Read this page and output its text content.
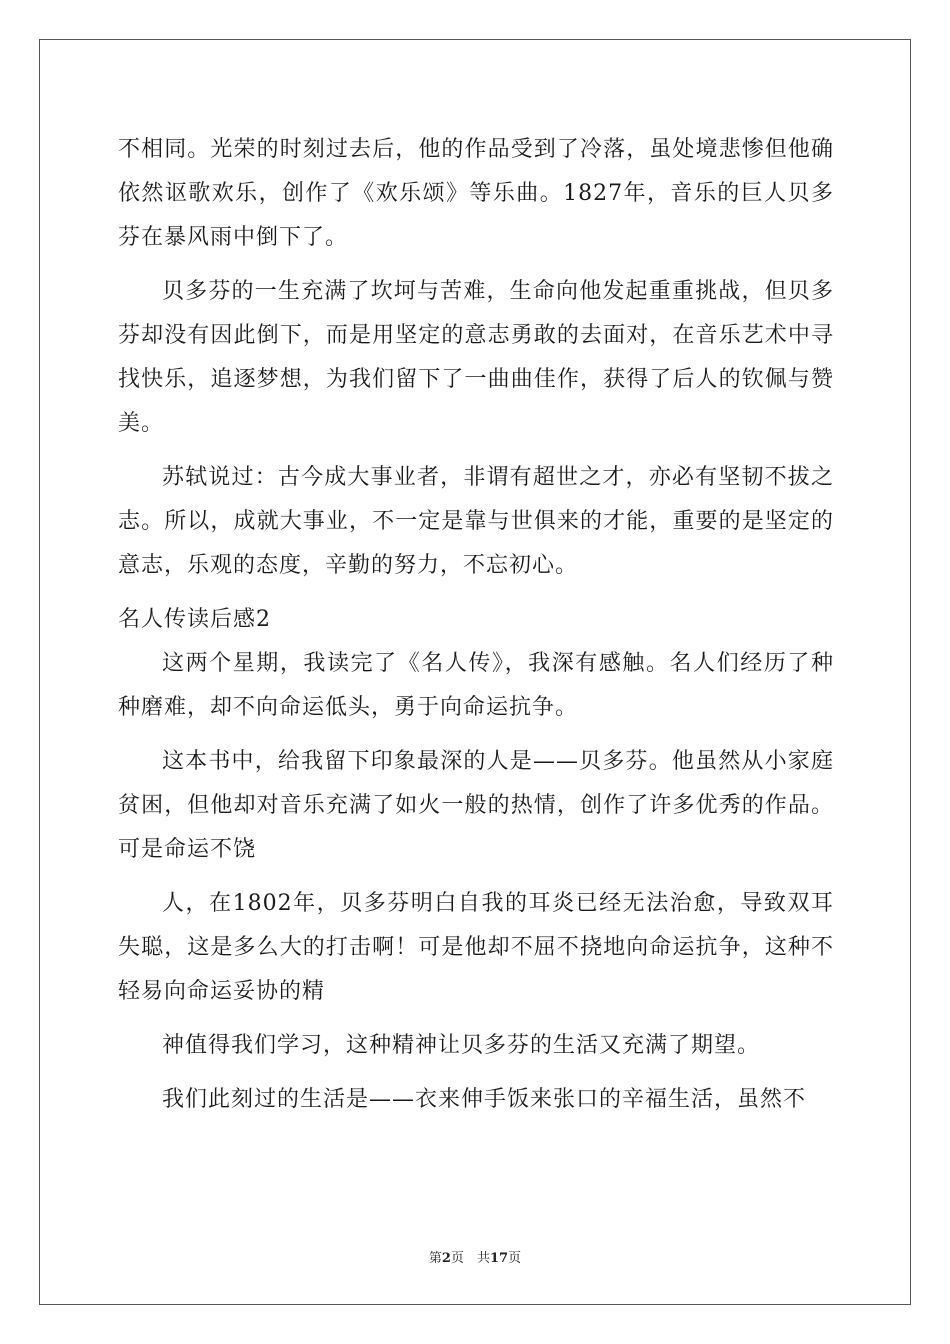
不相同。光荣的时刻过去后，他的作品受到了冷落，虽处境悲惨但他确依然讴歌欢乐，创作了《欢乐颂》等乐曲。1827年，音乐的巨人贝多芬在暴风雨中倒下了。

贝多芬的一生充满了坎坷与苦难，生命向他发起重重挑战，但贝多芬却没有因此倒下，而是用坚定的意志勇敢的去面对，在音乐艺术中寻找快乐，追逐梦想，为我们留下了一曲曲佳作，获得了后人的钦佩与赞美。

苏轼说过：古今成大事业者，非谓有超世之才，亦必有坚韧不拔之志。所以，成就大事业，不一定是靠与世俱来的才能，重要的是坚定的意志，乐观的态度，辛勤的努力，不忘初心。

名人传读后感2

这两个星期，我读完了《名人传》，我深有感触。名人们经历了种种磨难，却不向命运低头，勇于向命运抗争。

这本书中，给我留下印象最深的人是——贝多芬。他虽然从小家庭贫困，但他却对音乐充满了如火一般的热情，创作了许多优秀的作品。可是命运不饶

人，在1802年，贝多芬明白自我的耳炎已经无法治愈，导致双耳失聪，这是多么大的打击啊！可是他却不屈不挠地向命运抗争，这种不轻易向命运妥协的精

神值得我们学习，这种精神让贝多芬的生活又充满了期望。

我们此刻过的生活是——衣来伸手饭来张口的辛福生活，虽然不

第2页　共17页
